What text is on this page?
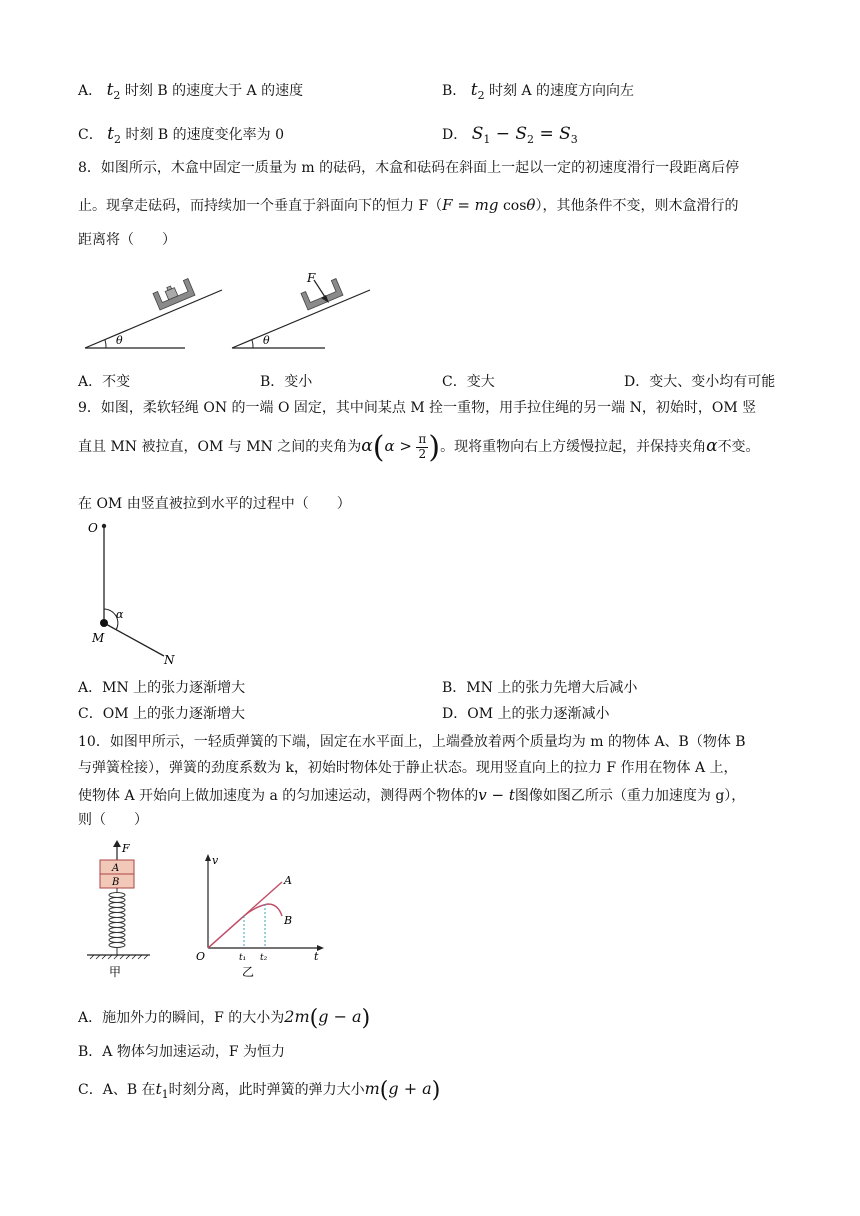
A． $t_2$ 时刻 B 的速度大于 A 的速度	B． $t_2$ 时刻 A 的速度方向向左
C． $t_2$ 时刻 B 的速度变化率为 0	D． $S_1 - S_2 = S_3$
8．如图所示，木盒中固定一质量为 m 的砝码，木盒和砝码在斜面上一起以一定的初速度滑行一段距离后停
止。现拿走砝码，而持续加一个垂直于斜面向下的恒力 F（F = mg cosθ），其他条件不变，则木盒滑行的
距离将（　　）
θ	θ
F
A．不变	B．变小	C．变大	D．变大、变小均有可能
9．如图，柔软轻绳 ON 的一端 O 固定，其中间某点 M 拴一重物，用手拉住绳的另一端 N，初始时，OM 竖
直且 MN 被拉直，OM 与 MN 之间的夹角为$\alpha(\alpha > \frac{\pi}{2}$ )。现将重物向右上方缓慢拉起，并保持夹角α不变。
在 OM 由竖直被拉到水平的过程中（　　）
O
M
N
α
A．MN 上的张力逐渐增大	B．MN 上的张力先增大后减小
C．OM 上的张力逐渐增大	D．OM 上的张力逐渐减小
10．如图甲所示，一轻质弹簧的下端，固定在水平面上，上端叠放着两个质量均为 m 的物体 A、B（物体 B
与弹簧栓接），弹簧的劲度系数为 k，初始时物体处于静止状态。现用竖直向上的拉力 F 作用在物体 A 上，
使物体 A 开始向上做加速度为 a 的匀加速运动，测得两个物体的v − t图像如图乙所示（重力加速度为 g），
则（　　）
F
A
B
甲
v
t
O
A
B
t₁ t₂
乙
A．施加外力的瞬间，F 的大小为2m(g − a)
B．A 物体匀加速运动，F 为恒力
C．A、B 在$t_1$时刻分离，此时弹簧的弹力大小m(g + a)
